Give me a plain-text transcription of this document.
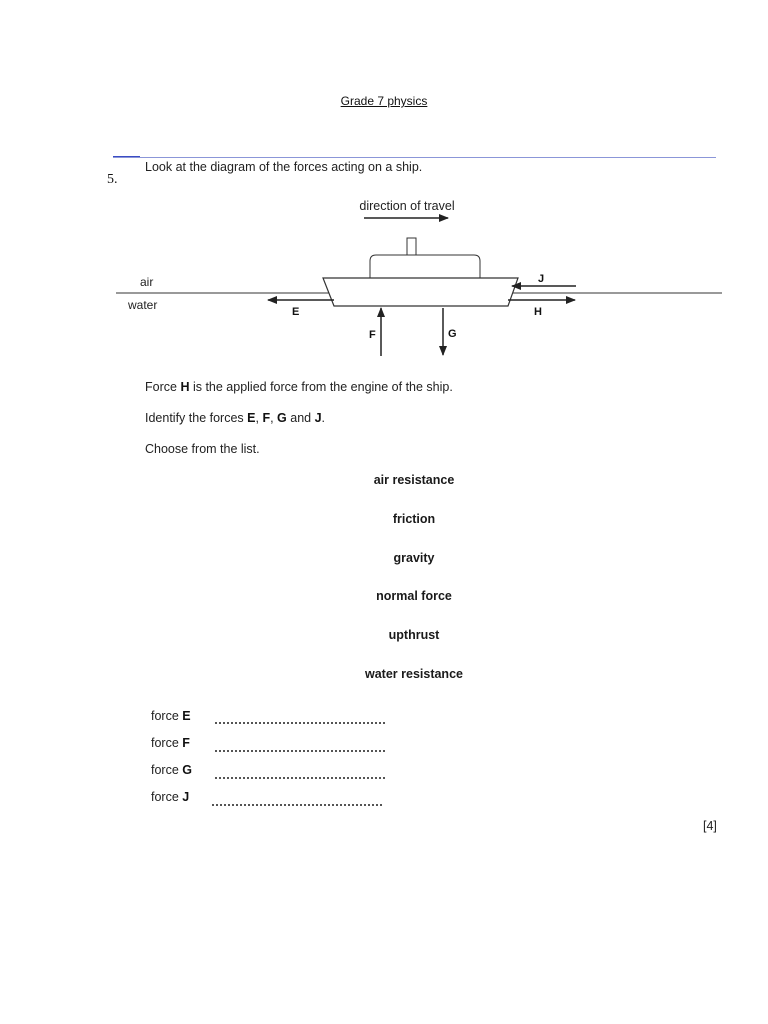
Grade 7 physics
5.
Look at the diagram of the forces acting on a ship.
direction of travel
air
water	E	H
J
F	G
Force H is the applied force from the engine of the ship.
Identify the forces E, F, G and J.
Choose from the list.
air resistance
friction
gravity
normal force
upthrust
water resistance
force E
force F
force G
force J
[4]
